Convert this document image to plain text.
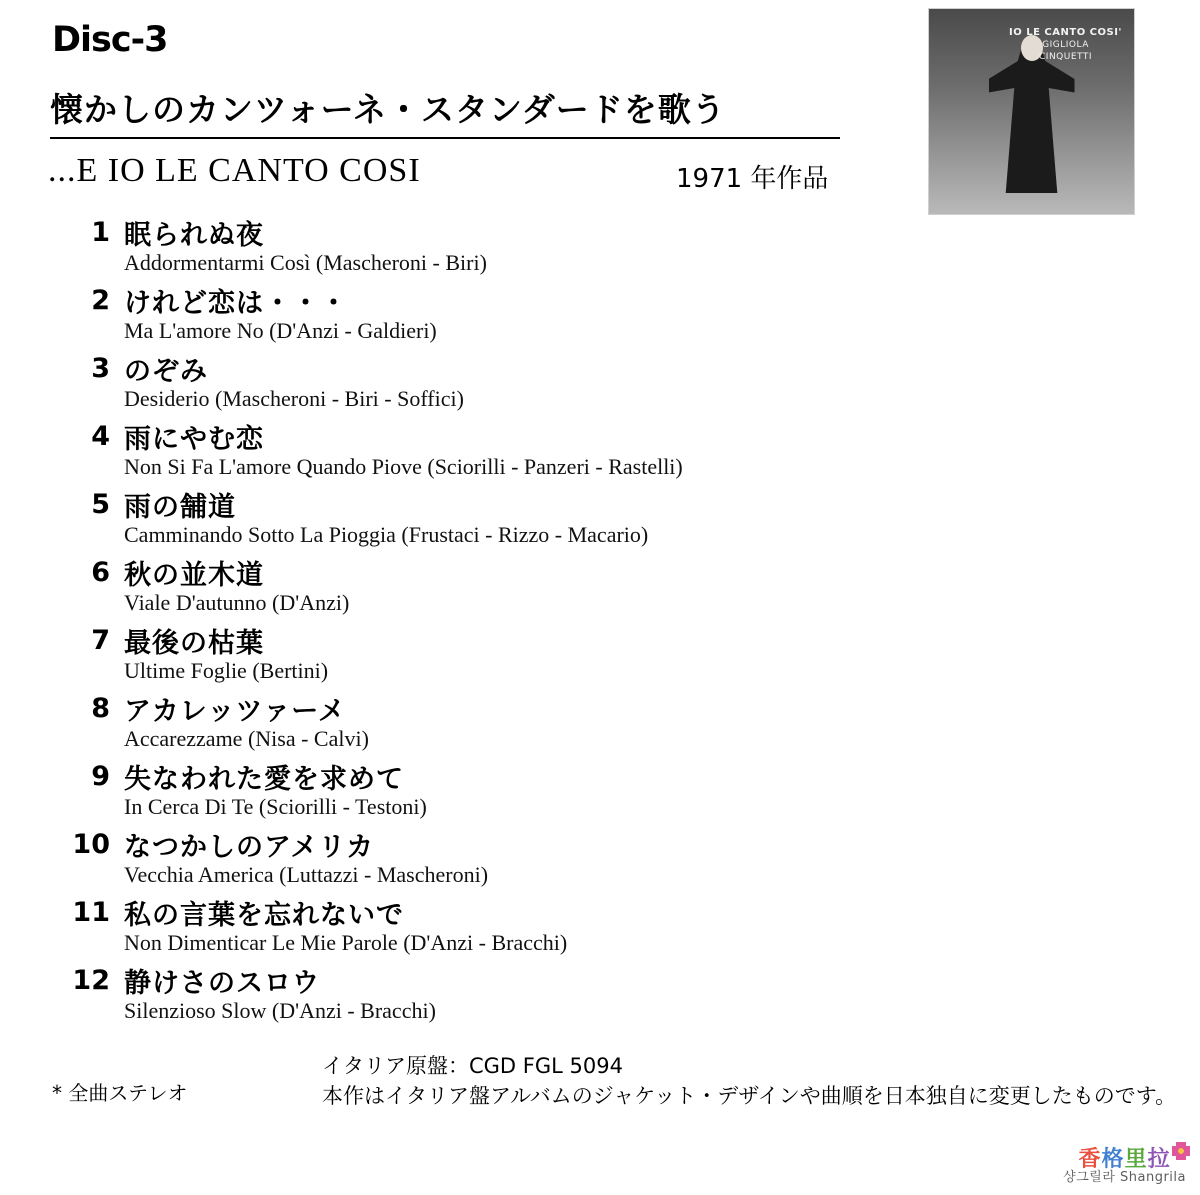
Disc-3
懐かしのカンツォーネ・スタンダードを歌う
...E IO LE CANTO COSI	1971 年作品
IO LE CANTO COSI'
GIGLIOLA
CINQUETTI
1 眠られぬ夜
Addormentarmi Così (Mascheroni - Biri)
2 けれど恋は・・・
Ma L'amore No (D'Anzi - Galdieri)
3 のぞみ
Desiderio (Mascheroni - Biri - Soffici)
4 雨にやむ恋
Non Si Fa L'amore Quando Piove (Sciorilli - Panzeri - Rastelli)
5 雨の舗道
Camminando Sotto La Pioggia (Frustaci - Rizzo - Macario)
6 秋の並木道
Viale D'autunno (D'Anzi)
7 最後の枯葉
Ultime Foglie (Bertini)
8 アカレッツァーメ
Accarezzame (Nisa - Calvi)
9 失なわれた愛を求めて
In Cerca Di Te (Sciorilli - Testoni)
10 なつかしのアメリカ
Vecchia America (Luttazzi - Mascheroni)
11 私の言葉を忘れないで
Non Dimenticar Le Mie Parole (D'Anzi - Bracchi)
12 静けさのスロウ
Silenzioso Slow (D'Anzi - Bracchi)
* 全曲ステレオ
イタリア原盤：CGD FGL 5094
本作はイタリア盤アルバムのジャケット・デザインや曲順を日本独自に変更したものです。
香格里拉
샹그릴라 Shangrila
